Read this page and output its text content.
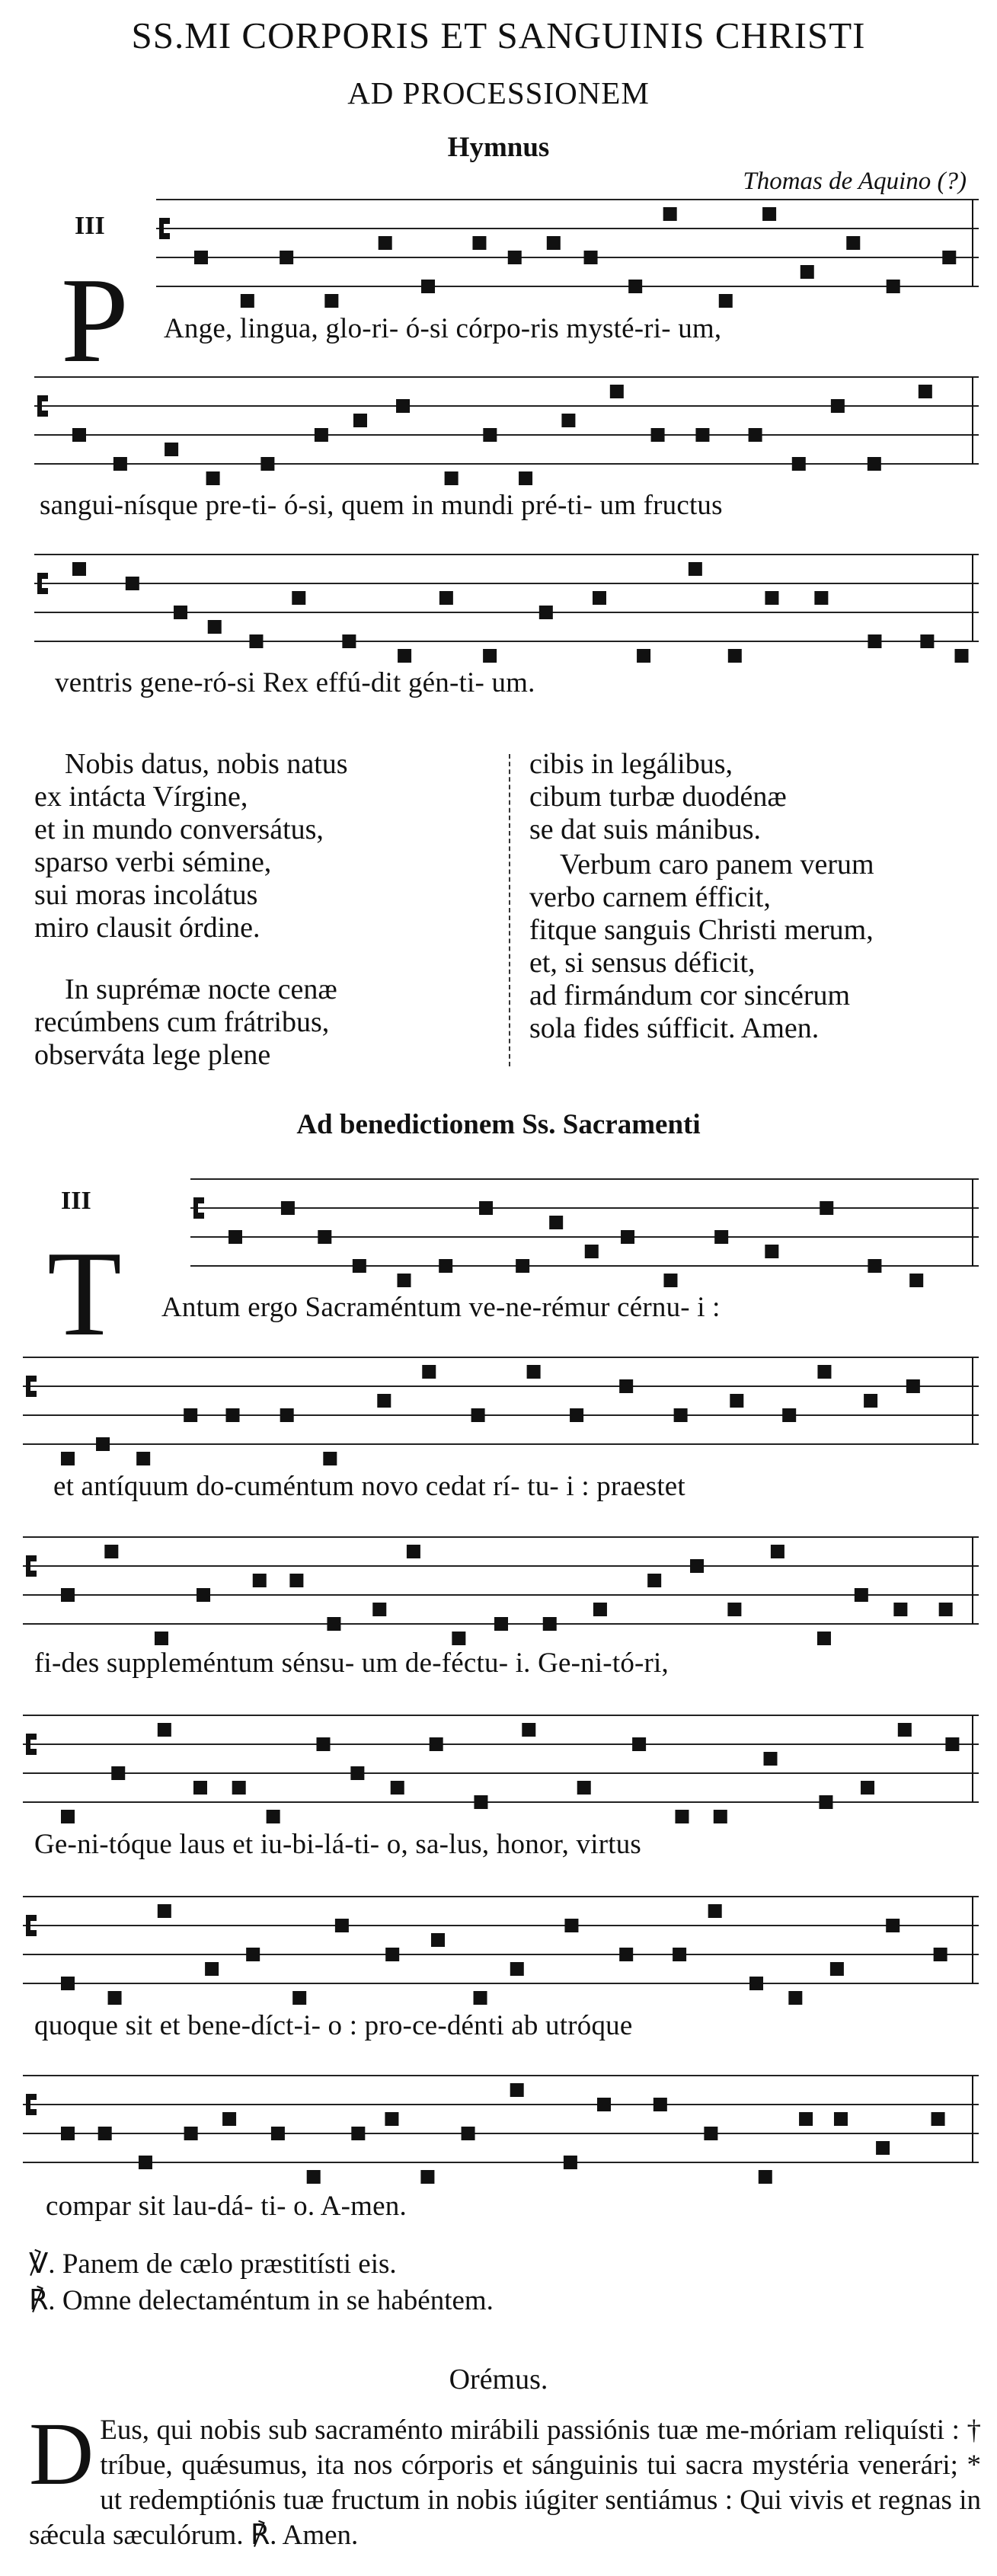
SS.MI CORPORIS ET SANGUINIS CHRISTI
AD PROCESSIONEM
Hymnus
Thomas de Aquino (?)
III
P Ange, lingua, glo-ri- ó-si córpo-ris mysté-ri- um,
sangui-nísque pre-ti- ó-si, quem in mundi pré-ti- um fructus
ventris gene-ró-si Rex effú-dit gén-ti- um.
Nobis datus, nobis natus
ex intácta Vírgine,
et in mundo conversátus,
sparso verbi sémine,
sui moras incolátus
miro clausit órdine.
In suprémæ nocte cenæ
recúmbens cum frátribus,
observáta lege plene
cibis in legálibus,
cibum turbæ duodénæ
se dat suis mánibus.
Verbum caro panem verum
verbo carnem éfficit,
fitque sanguis Christi merum,
et, si sensus déficit,
ad firmándum cor sincérum
sola fides súfficit. Amen.
Ad benedictionem Ss. Sacramenti
III
T Antum ergo Sacraméntum ve-ne-rémur cérnu- i :
et antíquum do-cuméntum novo cedat rí- tu- i : praestet
fi-des suppleméntum sénsu- um de-féctu- i. Ge-ni-tó-ri,
Ge-ni-tóque laus et iu-bi-lá-ti- o, sa-lus, honor, virtus
quoque sit et bene-díct-i- o : pro-ce-dénti ab utróque
compar sit lau-dá- ti- o. A-men.
℣. Panem de cælo præstitísti eis.
℟. Omne delectaméntum in se habéntem.
Orémus.
D Eus, qui nobis sub sacraménto mirábili passiónis tuæ me-móriam reliquísti : † tríbue, quǽsumus, ita nos córporis et sánguinis tui sacra mystéria venerári; * ut redemptiónis tuæ fructum in nobis iúgiter sentiámus : Qui vivis et regnas in sǽcula sæculórum. ℟. Amen.
